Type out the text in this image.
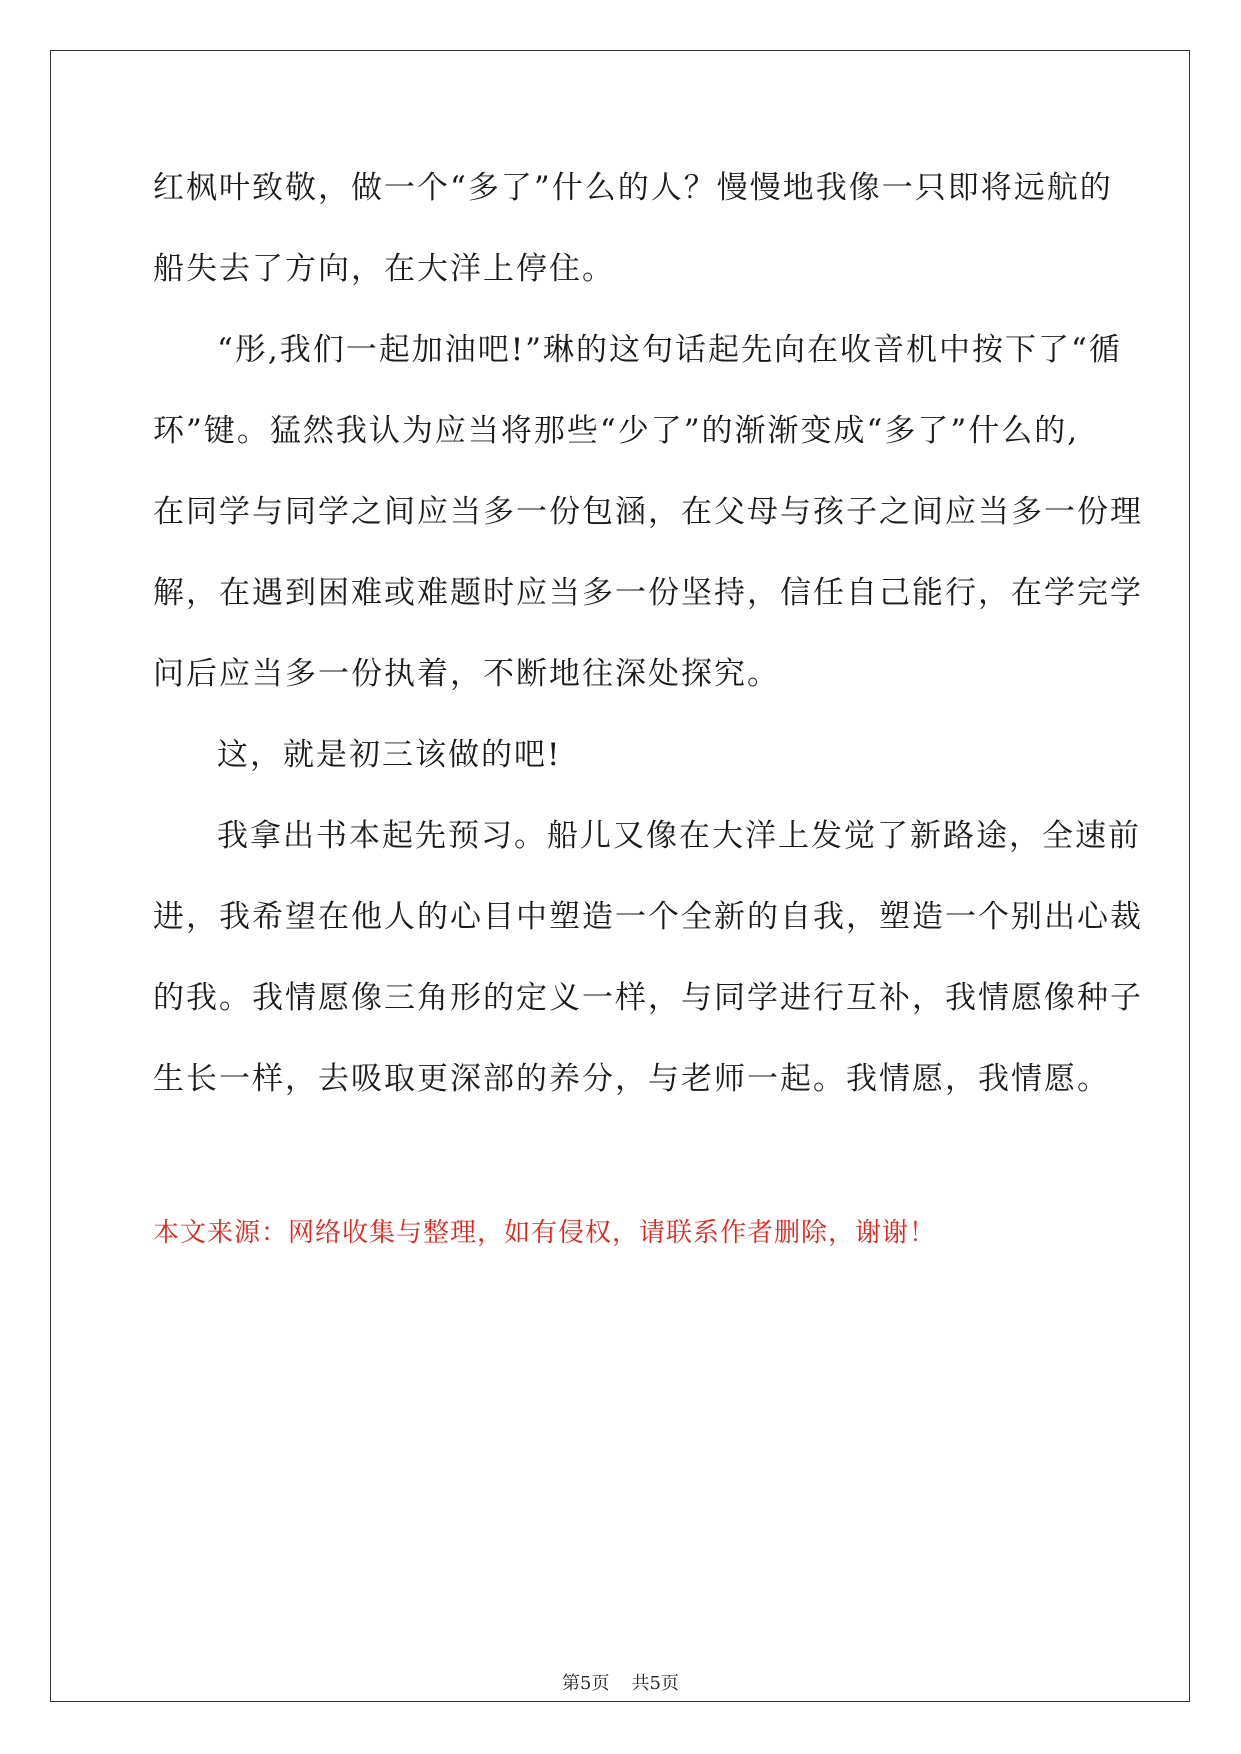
红枫叶致敬，做一个“多了”什么的人？慢慢地我像一只即将远航的
船失去了方向，在大洋上停住。
“彤,我们一起加油吧!”琳的这句话起先向在收音机中按下了“循
环”键。猛然我认为应当将那些“少了”的渐渐变成“多了”什么的,
在同学与同学之间应当多一份包涵，在父母与孩子之间应当多一份理
解，在遇到困难或难题时应当多一份坚持，信任自己能行，在学完学
问后应当多一份执着，不断地往深处探究。
这，就是初三该做的吧!
我拿出书本起先预习。船儿又像在大洋上发觉了新路途，全速前
进，我希望在他人的心目中塑造一个全新的自我，塑造一个别出心裁
的我。我情愿像三角形的定义一样，与同学进行互补，我情愿像种子
生长一样，去吸取更深部的养分，与老师一起。我情愿，我情愿。
本文来源：网络收集与整理，如有侵权，请联系作者删除，谢谢！
第5页 共5页
